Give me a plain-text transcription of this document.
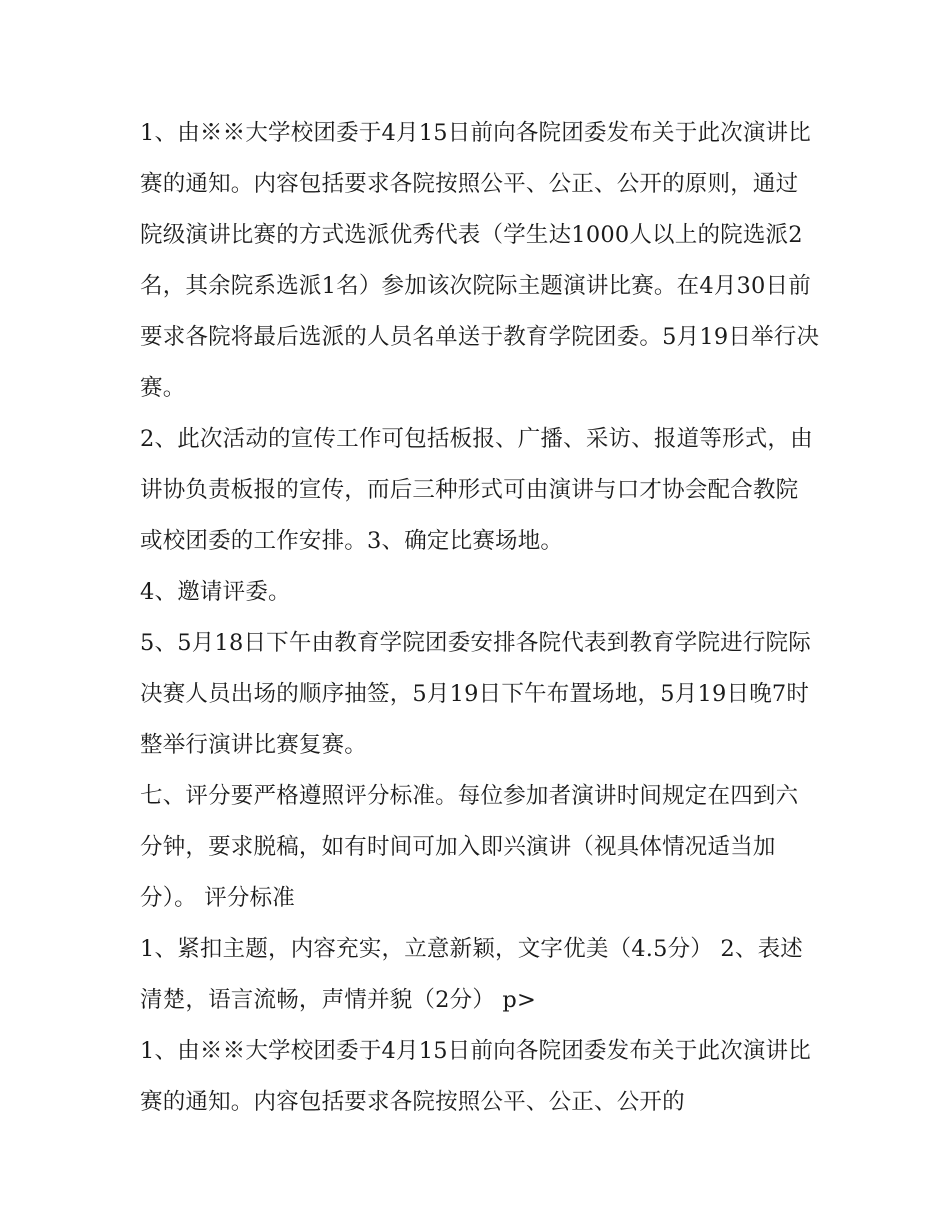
1、由※※大学校团委于4月15日前向各院团委发布关于此次演讲比赛的通知。内容包括要求各院按照公平、公正、公开的原则，通过院级演讲比赛的方式选派优秀代表（学生达1000人以上的院选派2名，其余院系选派1名）参加该次院际主题演讲比赛。在4月30日前要求各院将最后选派的人员名单送于教育学院团委。5月19日举行决赛。

2、此次活动的宣传工作可包括板报、广播、采访、报道等形式，由讲协负责板报的宣传，而后三种形式可由演讲与口才协会配合教院或校团委的工作安排。3、确定比赛场地。

4、邀请评委。

5、5月18日下午由教育学院团委安排各院代表到教育学院进行院际决赛人员出场的顺序抽签，5月19日下午布置场地，5月19日晚7时整举行演讲比赛复赛。

七、评分要严格遵照评分标准。每位参加者演讲时间规定在四到六分钟，要求脱稿，如有时间可加入即兴演讲（视具体情况适当加分）。 评分标准

1、紧扣主题，内容充实，立意新颖，文字优美（4.5分） 2、表述清楚，语言流畅，声情并貌（2分） p>

1、由※※大学校团委于4月15日前向各院团委发布关于此次演讲比赛的通知。内容包括要求各院按照公平、公正、公开的
